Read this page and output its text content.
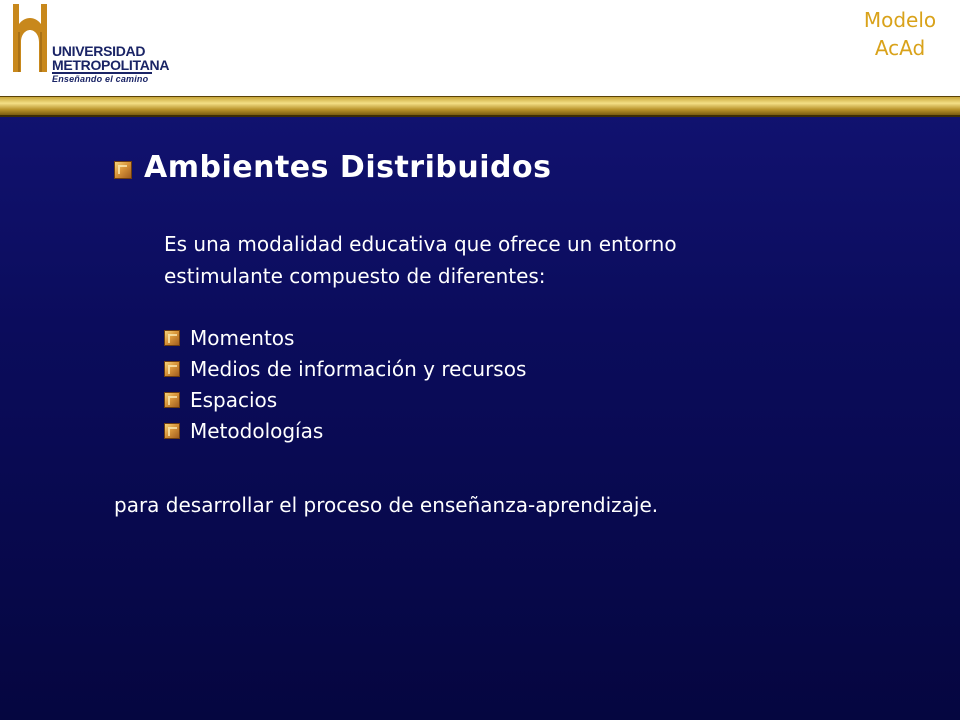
UNIVERSIDAD METROPOLITANA
Enseñando el camino
Modelo
AcAd
Ambientes Distribuidos

Es una modalidad educativa que ofrece un entorno
estimulante compuesto de diferentes:

Momentos
Medios de información y recursos
Espacios
Metodologías

para desarrollar el proceso de enseñanza-aprendizaje.
